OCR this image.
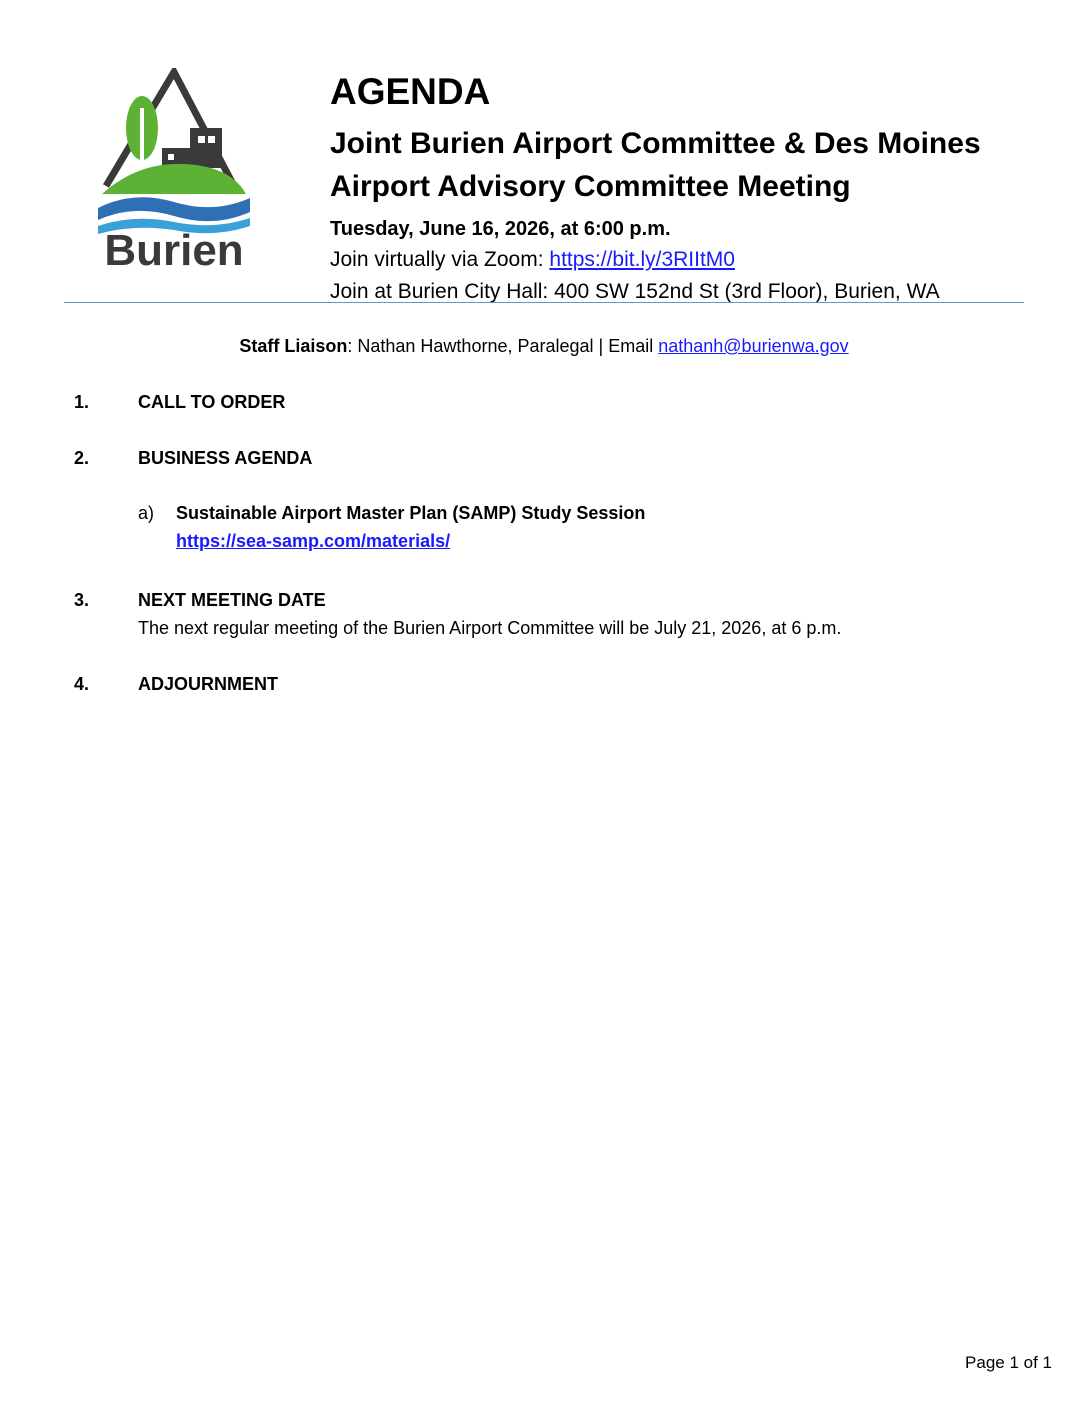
Burien
AGENDA
Joint Burien Airport Committee & Des Moines
Airport Advisory Committee Meeting
Tuesday, June 16, 2026, at 6:00 p.m.
Join virtually via Zoom: https://bit.ly/3RIItM0
Join at Burien City Hall: 400 SW 152nd St (3rd Floor), Burien, WA
Staff Liaison: Nathan Hawthorne, Paralegal | Email nathanh@burienwa.gov
1.	CALL TO ORDER
2.	BUSINESS AGENDA
a) Sustainable Airport Master Plan (SAMP) Study Session
https://sea-samp.com/materials/
3.	NEXT MEETING DATE
The next regular meeting of the Burien Airport Committee will be July 21, 2026, at 6 p.m.
4.	ADJOURNMENT
Page 1 of 1
